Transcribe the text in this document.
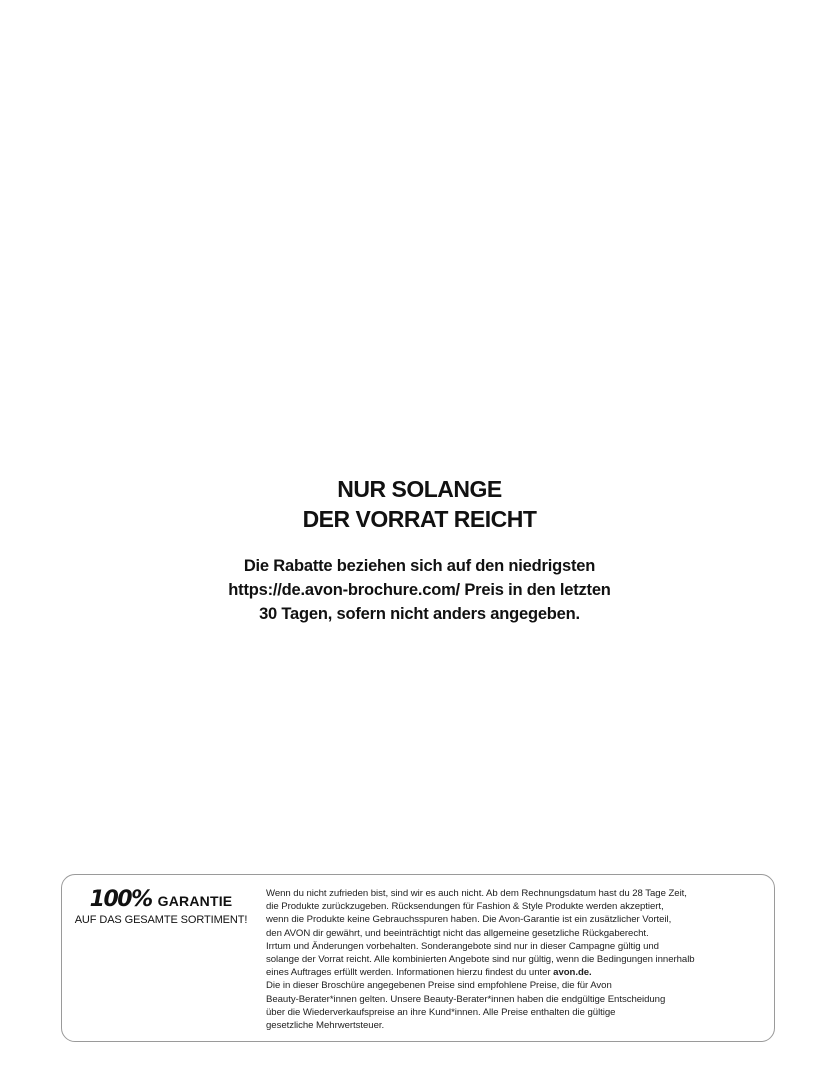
NUR SOLANGE
DER VORRAT REICHT
Die Rabatte beziehen sich auf den niedrigsten
https://de.avon-brochure.com/ Preis in den letzten
30 Tagen, sofern nicht anders angegeben.
100% GARANTIE
AUF DAS GESAMTE SORTIMENT!
Wenn du nicht zufrieden bist, sind wir es auch nicht. Ab dem Rechnungsdatum hast du 28 Tage Zeit,
die Produkte zurückzugeben. Rücksendungen für Fashion & Style Produkte werden akzeptiert,
wenn die Produkte keine Gebrauchsspuren haben. Die Avon-Garantie ist ein zusätzlicher Vorteil,
den AVON dir gewährt, und beeinträchtigt nicht das allgemeine gesetzliche Rückgaberecht.
Irrtum und Änderungen vorbehalten. Sonderangebote sind nur in dieser Campagne gültig und
solange der Vorrat reicht. Alle kombinierten Angebote sind nur gültig, wenn die Bedingungen innerhalb
eines Auftrages erfüllt werden. Informationen hierzu findest du unter avon.de.
Die in dieser Broschüre angegebenen Preise sind empfohlene Preise, die für Avon
Beauty-Berater*innen gelten. Unsere Beauty-Berater*innen haben die endgültige Entscheidung
über die Wiederverkaufspreise an ihre Kund*innen. Alle Preise enthalten die gültige
gesetzliche Mehrwertsteuer.
